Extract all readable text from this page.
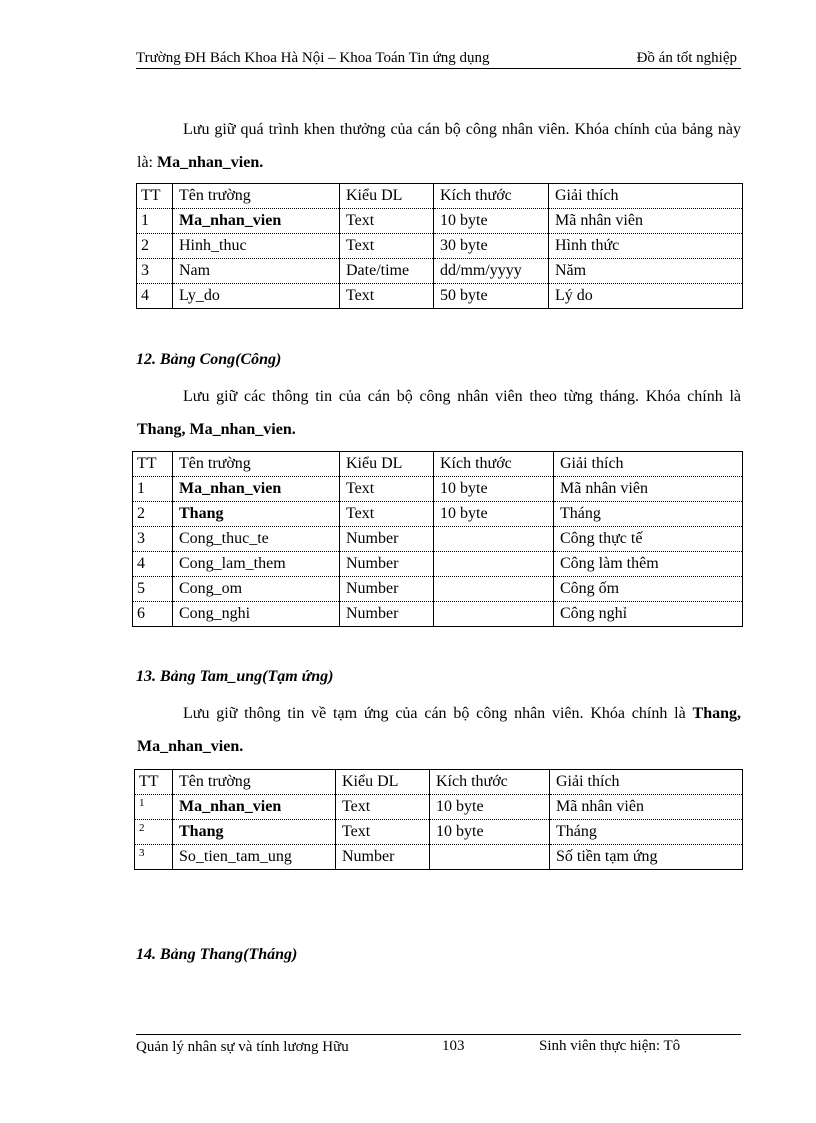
Trường ĐH Bách Khoa Hà Nội – Khoa Toán Tin ứng dụng	Đồ án tốt nghiệp
Lưu giữ quá trình khen thưởng của cán bộ công nhân viên. Khóa chính của bảng này là: Ma_nhan_vien.
TT	Tên trường	Kiểu DL	Kích thước	Giải thích
1	Ma_nhan_vien	Text	10 byte	Mã nhân viên
2	Hinh_thuc	Text	30 byte	Hình thức
3	Nam	Date/time	dd/mm/yyyy	Năm
4	Ly_do	Text	50 byte	Lý do
12. Bảng Cong(Công)
Lưu giữ các thông tin của cán bộ công nhân viên theo từng tháng. Khóa chính là Thang, Ma_nhan_vien.
TT	Tên trường	Kiểu DL	Kích thước	Giải thích
1	Ma_nhan_vien	Text	10 byte	Mã nhân viên
2	Thang	Text	10 byte	Tháng
3	Cong_thuc_te	Number		Công thực tế
4	Cong_lam_them	Number		Công làm thêm
5	Cong_om	Number		Công ốm
6	Cong_nghi	Number		Công nghỉ
13. Bảng Tam_ung(Tạm ứng)
Lưu giữ thông tin về tạm ứng của cán bộ công nhân viên. Khóa chính là Thang, Ma_nhan_vien.
TT	Tên trường	Kiểu DL	Kích thước	Giải thích
1	Ma_nhan_vien	Text	10 byte	Mã nhân viên
2	Thang	Text	10 byte	Tháng
3	So_tien_tam_ung	Number		Số tiền tạm ứng
14. Bảng Thang(Tháng)
Quản lý nhân sự và tính lương Hữu	103	Sinh viên thực hiện: Tô
